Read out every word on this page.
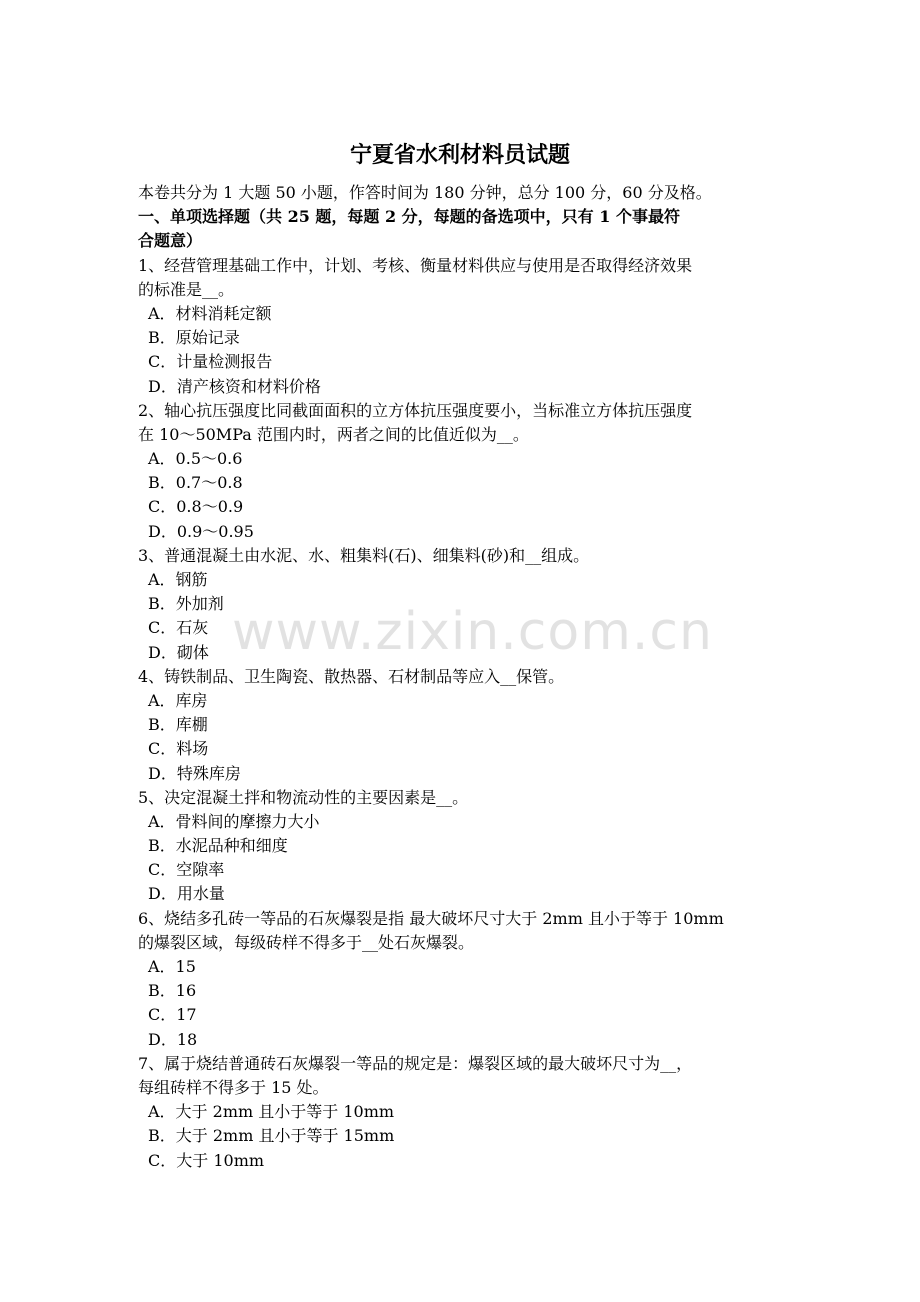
宁夏省水利材料员试题
本卷共分为 1 大题 50 小题，作答时间为 180 分钟，总分 100 分，60 分及格。
一、单项选择题（共 25 题，每题 2 分，每题的备选项中，只有 1 个事最符
合题意）
1、经营管理基础工作中，计划、考核、衡量材料供应与使用是否取得经济效果
的标准是__。
A．材料消耗定额
B．原始记录
C．计量检测报告
D．清产核资和材料价格
2、轴心抗压强度比同截面面积的立方体抗压强度要小，当标准立方体抗压强度
在 10～50MPa 范围内时，两者之间的比值近似为__。
A．0.5～0.6
B．0.7～0.8
C．0.8～0.9
D．0.9～0.95
3、普通混凝土由水泥、水、粗集料(石)、细集料(砂)和__组成。
A．钢筋
B．外加剂
C．石灰
D．砌体
4、铸铁制品、卫生陶瓷、散热器、石材制品等应入__保管。
A．库房
B．库棚
C．料场
D．特殊库房
5、决定混凝土拌和物流动性的主要因素是__。
A．骨料间的摩擦力大小
B．水泥品种和细度
C．空隙率
D．用水量
6、烧结多孔砖一等品的石灰爆裂是指 最大破坏尺寸大于 2mm 且小于等于 10mm
的爆裂区域，每级砖样不得多于__处石灰爆裂。
A．15
B．16
C．17
D．18
7、属于烧结普通砖石灰爆裂一等品的规定是：爆裂区域的最大破坏尺寸为__，
每组砖样不得多于 15 处。
A．大于 2mm 且小于等于 10mm
B．大于 2mm 且小于等于 15mm
C．大于 10mm
www.zixin.com.cn
